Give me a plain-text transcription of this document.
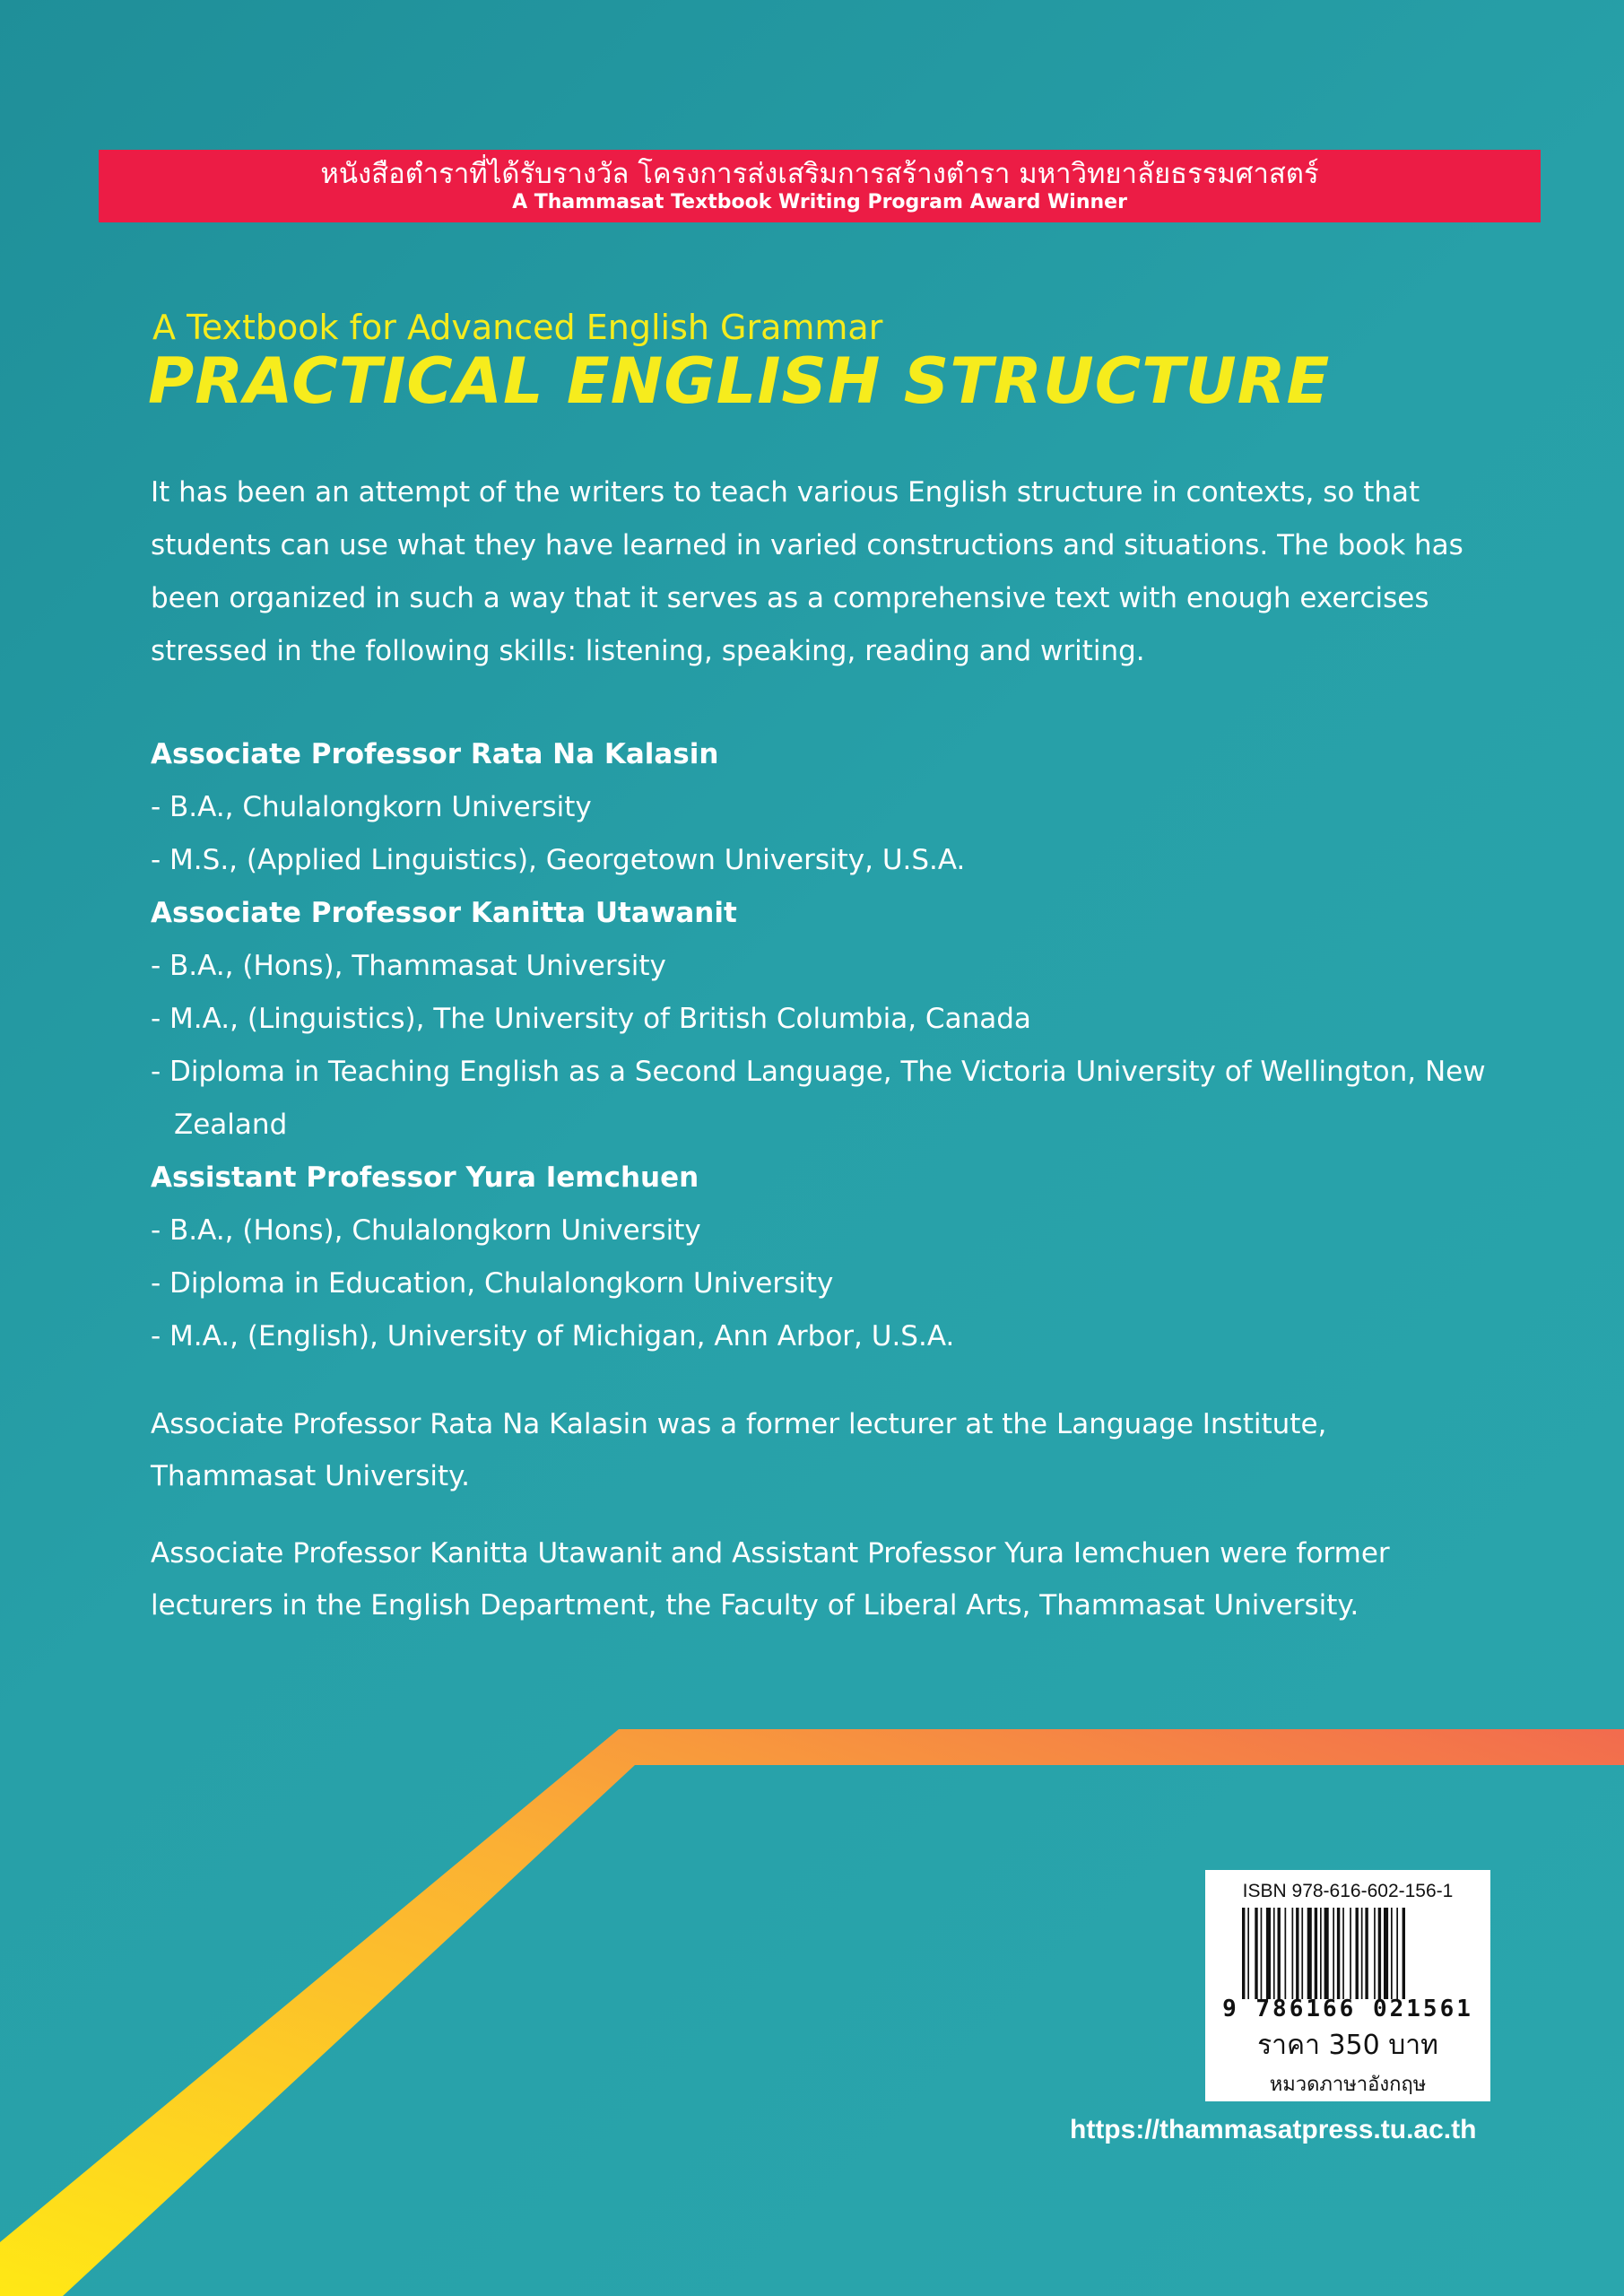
หนังสือตำราที่ได้รับรางวัล โครงการส่งเสริมการสร้างตำรา มหาวิทยาลัยธรรมศาสตร์
A Thammasat Textbook Writing Program Award Winner
A Textbook for Advanced English Grammar
PRACTICAL ENGLISH STRUCTURE
It has been an attempt of the writers to teach various English structure in contexts, so that students can use what they have learned in varied constructions and situations. The book has been organized in such a way that it serves as a comprehensive text with enough exercises stressed in the following skills: listening, speaking, reading and writing.
Associate Professor Rata Na Kalasin
- B.A., Chulalongkorn University
- M.S., (Applied Linguistics), Georgetown University, U.S.A.
Associate Professor Kanitta Utawanit
- B.A., (Hons), Thammasat University
- M.A., (Linguistics), The University of British Columbia, Canada
- Diploma in Teaching English as a Second Language, The Victoria University of Wellington, New Zealand
Assistant Professor Yura Iemchuen
- B.A., (Hons), Chulalongkorn University
- Diploma in Education, Chulalongkorn University
- M.A., (English), University of Michigan, Ann Arbor, U.S.A.
Associate Professor Rata Na Kalasin was a former lecturer at the Language Institute, Thammasat University.
Associate Professor Kanitta Utawanit and Assistant Professor Yura Iemchuen were former lecturers in the English Department, the Faculty of Liberal Arts, Thammasat University.
ISBN 978-616-602-156-1
9 786166 021561
ราคา 350 บาท
หมวดภาษาอังกฤษ
https://thammasatpress.tu.ac.th
